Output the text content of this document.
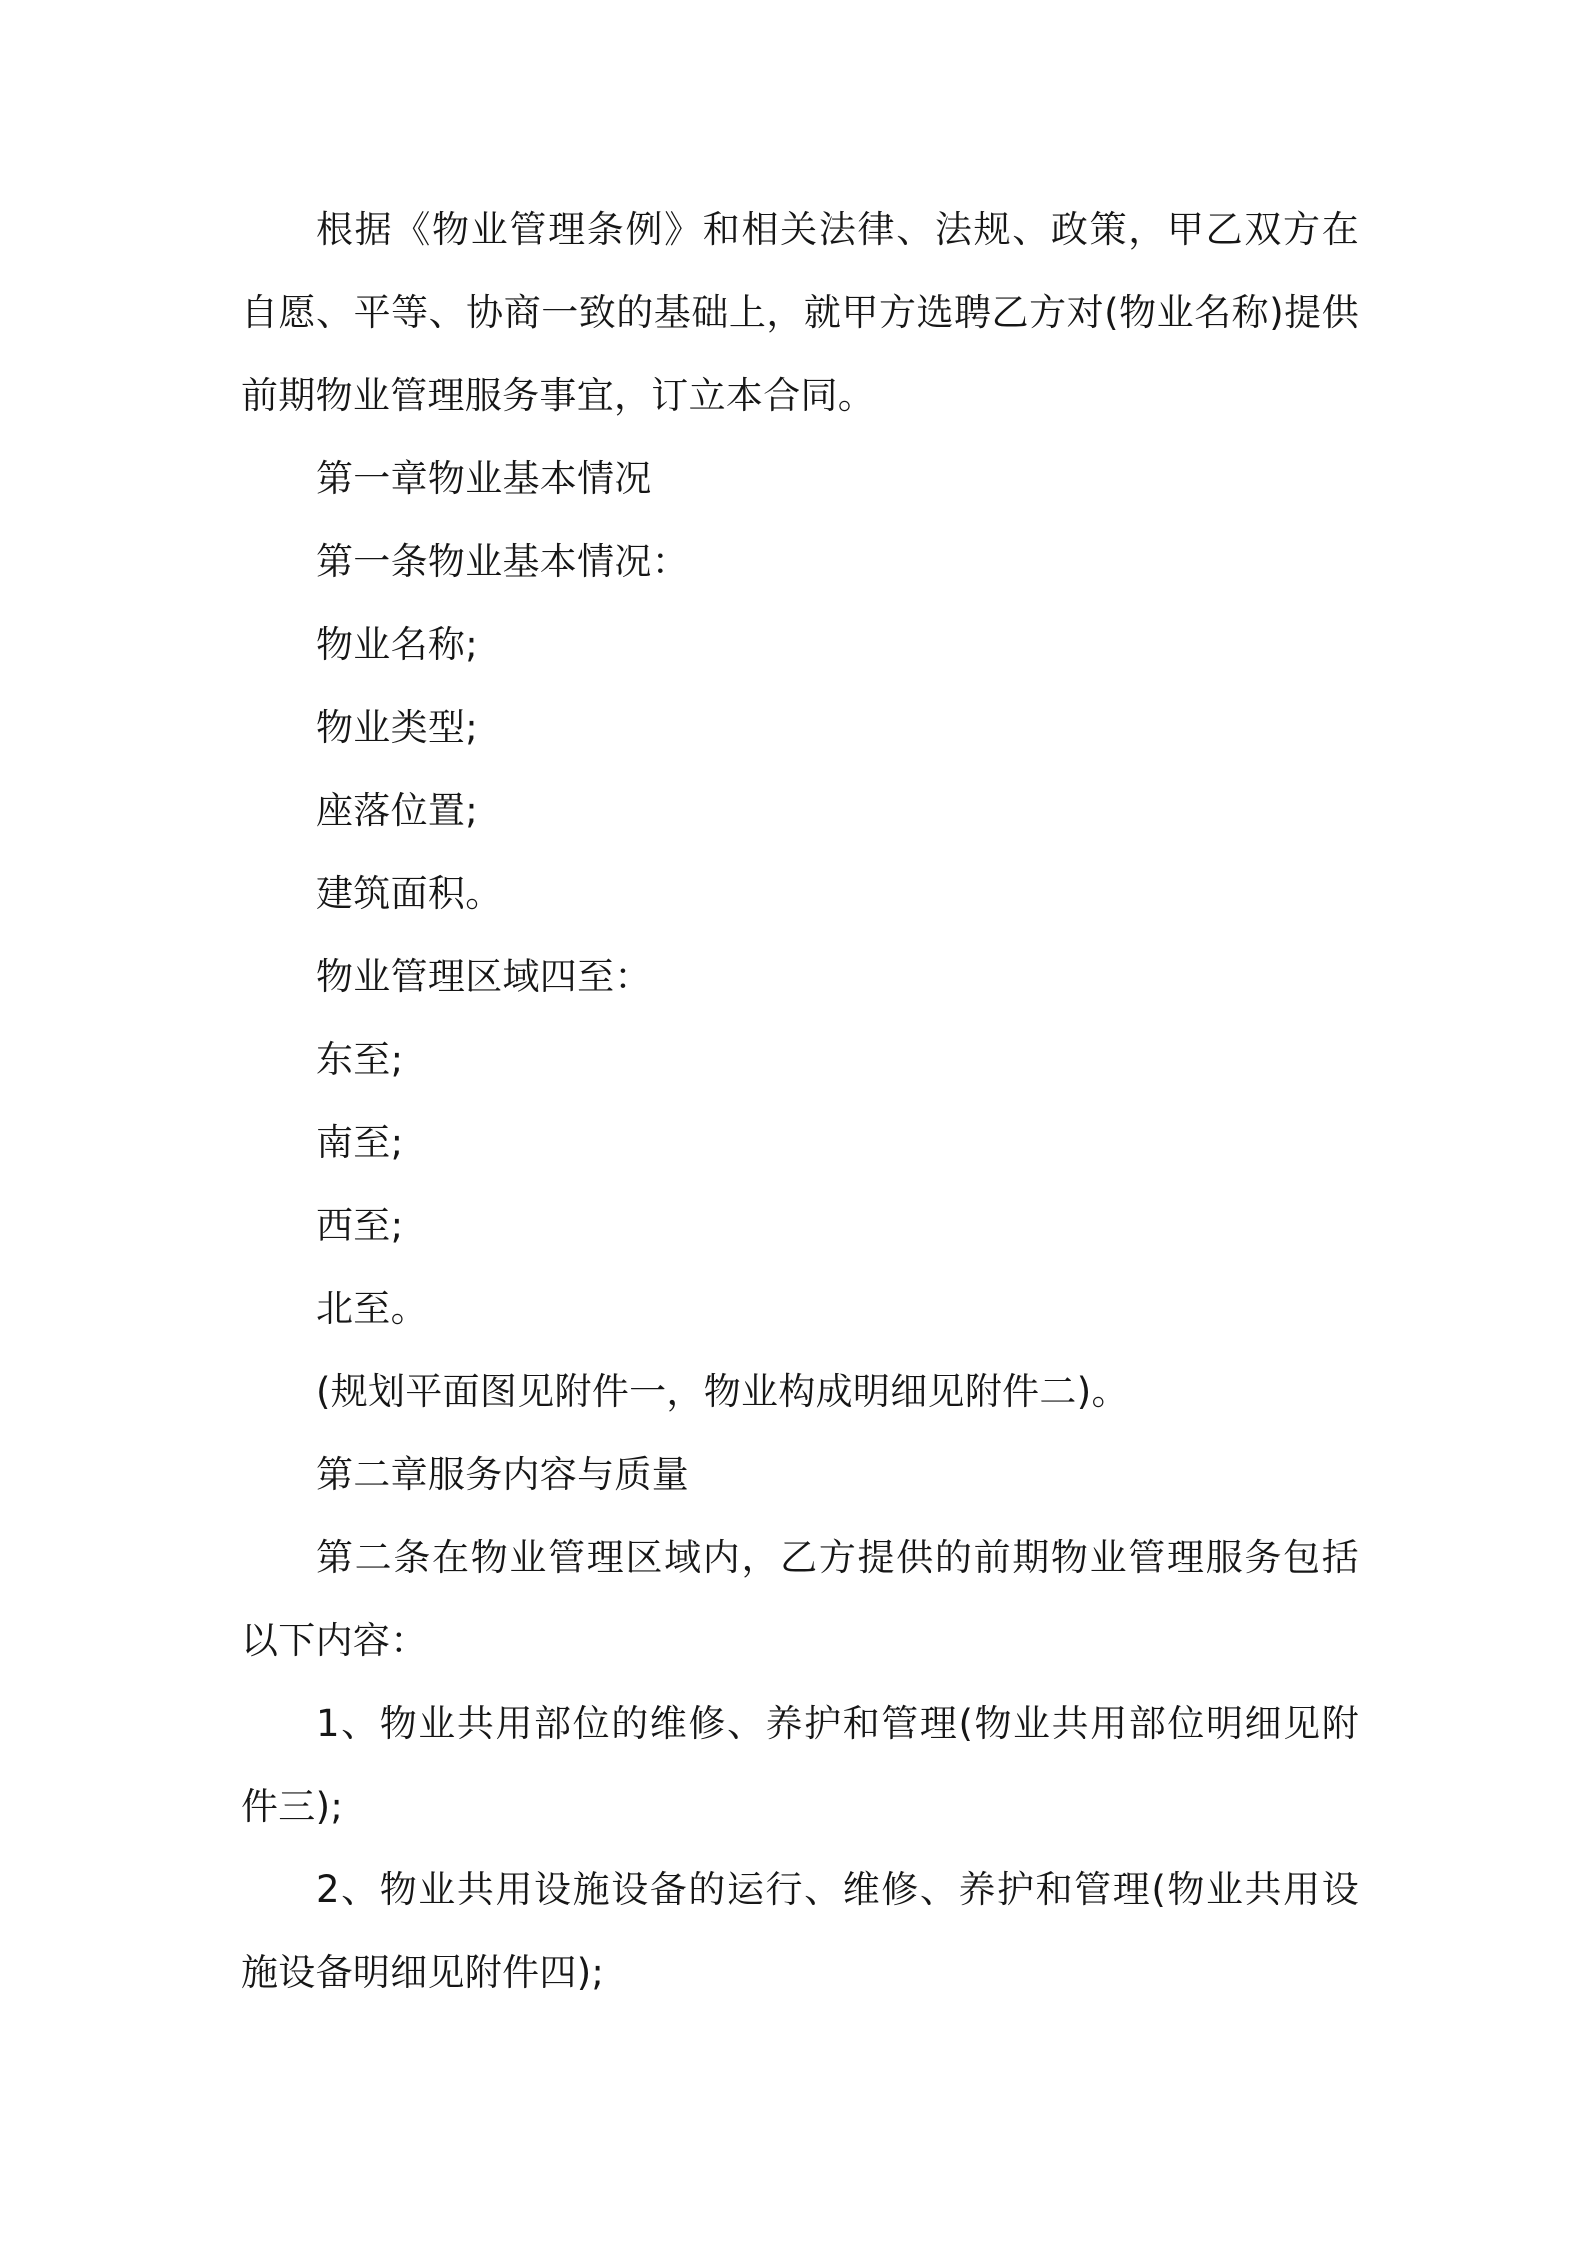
根据《物业管理条例》和相关法律、法规、政策，甲乙双方在自愿、平等、协商一致的基础上，就甲方选聘乙方对(物业名称)提供前期物业管理服务事宜，订立本合同。

第一章物业基本情况

第一条物业基本情况：

物业名称;

物业类型;

座落位置;

建筑面积。

物业管理区域四至：

东至;

南至;

西至;

北至。

(规划平面图见附件一，物业构成明细见附件二)。

第二章服务内容与质量

第二条在物业管理区域内，乙方提供的前期物业管理服务包括以下内容：

1、物业共用部位的维修、养护和管理(物业共用部位明细见附件三);

2、物业共用设施设备的运行、维修、养护和管理(物业共用设施设备明细见附件四);
